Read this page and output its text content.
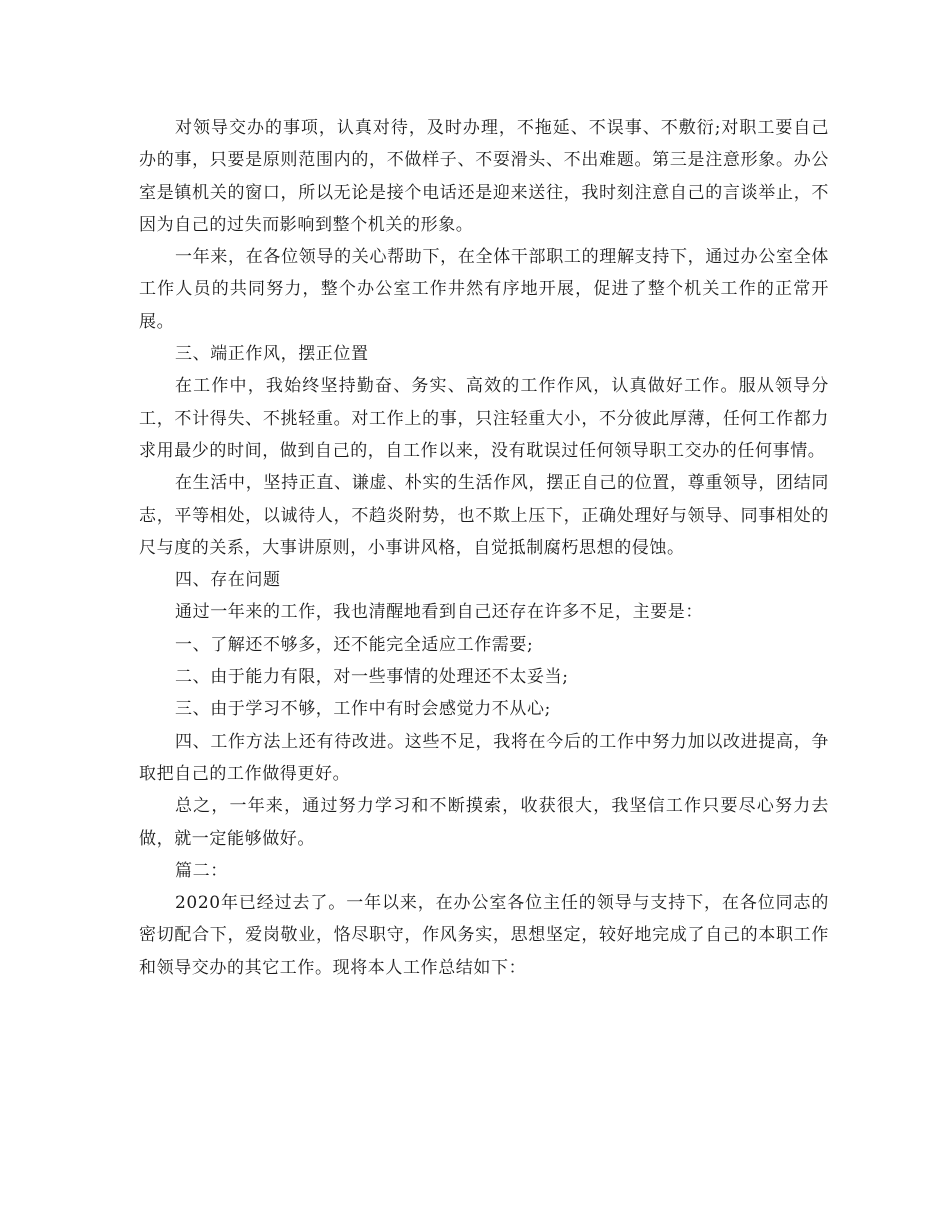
对领导交办的事项，认真对待，及时办理，不拖延、不误事、不敷衍;对职工要自己办的事，只要是原则范围内的，不做样子、不耍滑头、不出难题。第三是注意形象。办公室是镇机关的窗口，所以无论是接个电话还是迎来送往，我时刻注意自己的言谈举止，不因为自己的过失而影响到整个机关的形象。

一年来，在各位领导的关心帮助下，在全体干部职工的理解支持下，通过办公室全体工作人员的共同努力，整个办公室工作井然有序地开展，促进了整个机关工作的正常开展。

三、端正作风，摆正位置

在工作中，我始终坚持勤奋、务实、高效的工作作风，认真做好工作。服从领导分工，不计得失、不挑轻重。对工作上的事，只注轻重大小，不分彼此厚薄，任何工作都力求用最少的时间，做到自己的，自工作以来，没有耽误过任何领导职工交办的任何事情。

在生活中，坚持正直、谦虚、朴实的生活作风，摆正自己的位置，尊重领导，团结同志，平等相处，以诚待人，不趋炎附势，也不欺上压下，正确处理好与领导、同事相处的尺与度的关系，大事讲原则，小事讲风格，自觉抵制腐朽思想的侵蚀。

四、存在问题

通过一年来的工作，我也清醒地看到自己还存在许多不足，主要是：

一、了解还不够多，还不能完全适应工作需要;

二、由于能力有限，对一些事情的处理还不太妥当;

三、由于学习不够，工作中有时会感觉力不从心;

四、工作方法上还有待改进。这些不足，我将在今后的工作中努力加以改进提高，争取把自己的工作做得更好。

总之，一年来，通过努力学习和不断摸索，收获很大，我坚信工作只要尽心努力去做，就一定能够做好。

篇二：

2020年已经过去了。一年以来，在办公室各位主任的领导与支持下，在各位同志的密切配合下，爱岗敬业，恪尽职守，作风务实，思想坚定，较好地完成了自己的本职工作和领导交办的其它工作。现将本人工作总结如下：
